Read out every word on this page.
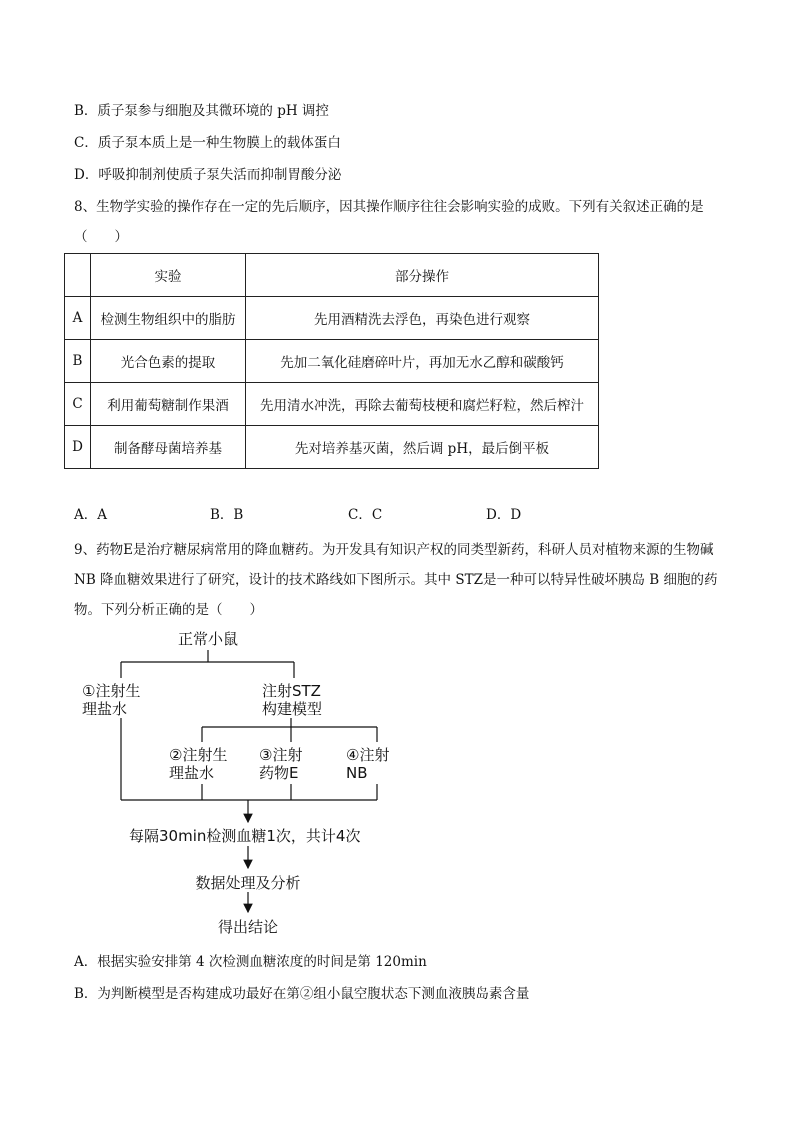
B．质子泵参与细胞及其微环境的 pH 调控
C．质子泵本质上是一种生物膜上的载体蛋白
D．呼吸抑制剂使质子泵失活而抑制胃酸分泌
8、生物学实验的操作存在一定的先后顺序，因其操作顺序往往会影响实验的成败。下列有关叙述正确的是（　　）
	实验	部分操作
A	检测生物组织中的脂肪	先用酒精洗去浮色，再染色进行观察
B	光合色素的提取	先加二氧化硅磨碎叶片，再加无水乙醇和碳酸钙
C	利用葡萄糖制作果酒	先用清水冲洗，再除去葡萄枝梗和腐烂籽粒，然后榨汁
D	制备酵母菌培养基	先对培养基灭菌，然后调 pH，最后倒平板
A．A	B．B	C．C	D．D
9、药物E是治疗糖尿病常用的降血糖药。为开发具有知识产权的同类型新药，科研人员对植物来源的生物碱NB 降血糖效果进行了研究，设计的技术路线如下图所示。其中 STZ是一种可以特异性破坏胰岛 B 细胞的药物。下列分析正确的是（　　）
正常小鼠
①注射生
理盐水
注射STZ
构建模型
②注射生
理盐水
③注射
药物E
④注射
NB
每隔30min检测血糖1次，共计4次
数据处理及分析
得出结论
A．根据实验安排第 4 次检测血糖浓度的时间是第 120min
B．为判断模型是否构建成功最好在第②组小鼠空腹状态下测血液胰岛素含量
